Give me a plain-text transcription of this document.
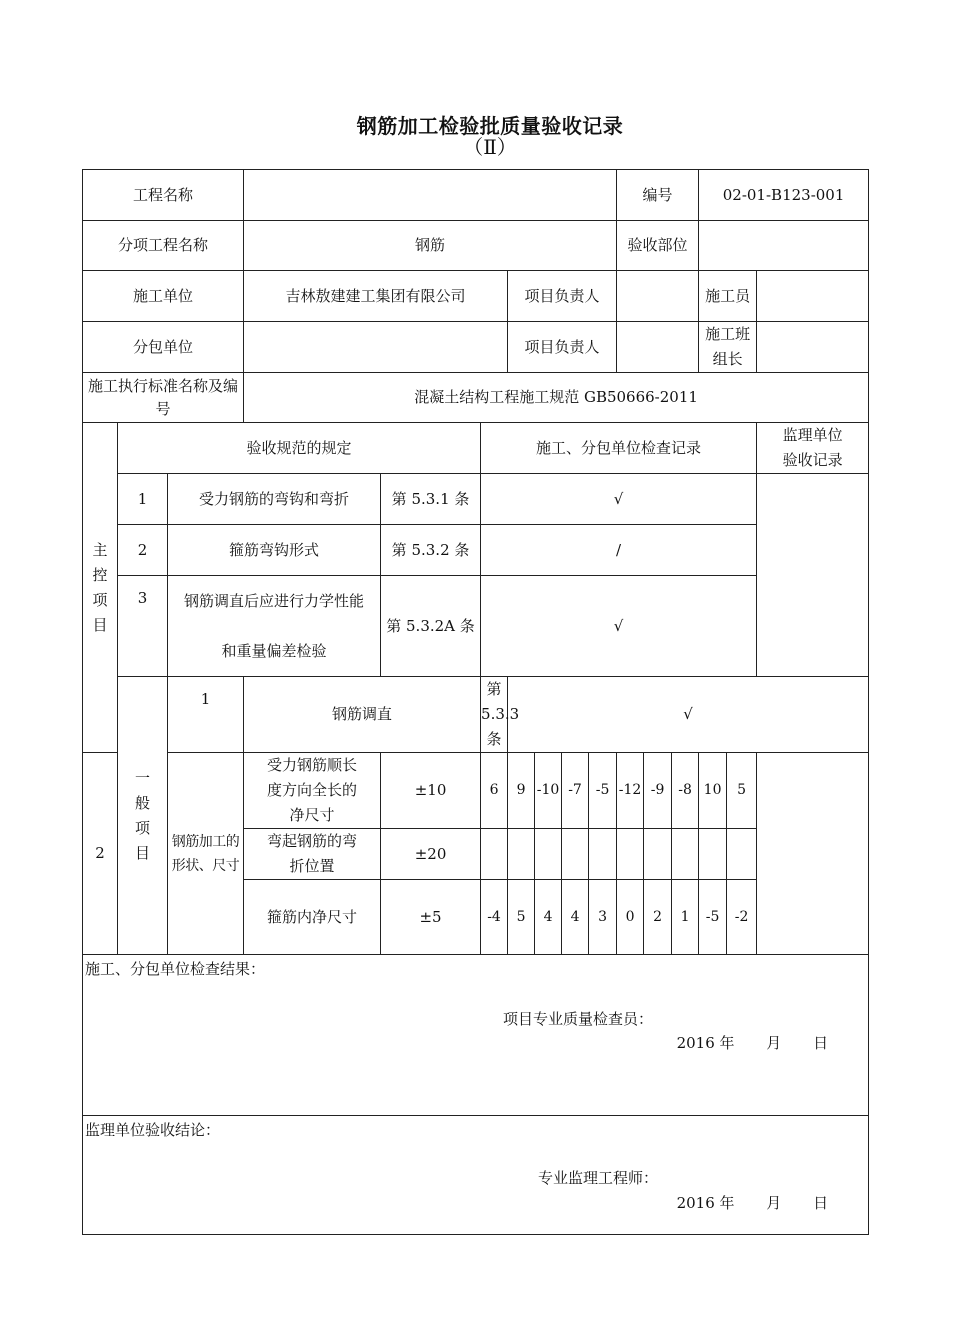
钢筋加工检验批质量验收记录
（Ⅱ）
工程名称										编号			02-01-B123-001			
分项工程名称			钢筋							验收部位						
施工单位			吉林敖建建工集团有限公司			项目负责人							施工员			
分包单位						项目负责人							施工班组长			
施工执行标准名称及编号			混凝土结构工程施工规范 GB50666-2011													

主控项目	验收规范的规定				施工、分包单位检查记录										监理单位验收记录	

	1	受力钢筋的弯钩和弯折		第 5.3.1 条	√											
	2	箍筋弯钩形式		第 5.3.2 条	/											
	3	钢筋调直后应进行力学性能
和重量偏差检验		第 5.3.2A 条	√											

	一般项目	1	钢筋调直		第 5.3.3 条	√										
2		钢筋加工的形状、尺寸	受力钢筋顺长度方向全长的净尺寸	±10	6	9	-10	-7	-5	-12	-9	-8	10	5		

			弯起钢筋的弯折位置	±20												
			箍筋内净尺寸	±5	-4	5	4	4	3	0	2	1	-5	-2		

施工、分包单位检查结果：
项目专业质量检查员：
2016 年 月 日																

监理单位验收结论：
专业监理工程师：
2016 年 月 日																
